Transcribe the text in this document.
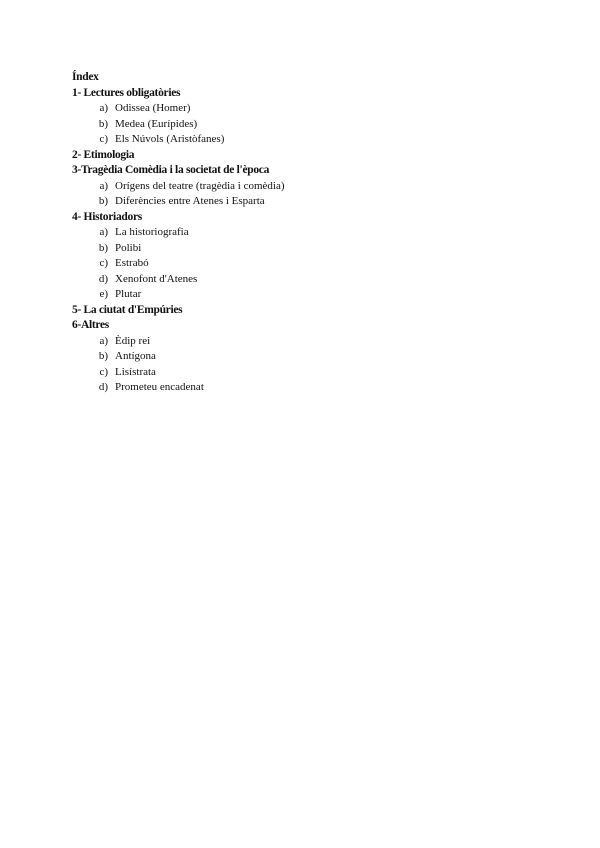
Índex
1- Lectures obligatòries
a) Odissea (Homer)
b) Medea (Eurípides)
c) Els Núvols (Aristòfanes)
2- Etimologia
3-Tragèdia Comèdia i la societat de l'època
a) Orígens del teatre (tragèdia i comèdia)
b) Diferències entre Atenes i Esparta
4- Historiadors
a) La historiografia
b) Polibi
c) Estrabó
d) Xenofont d'Atenes
e) Plutar
5- La ciutat d'Empúries
6-Altres
a) Èdip rei
b) Antígona
c) Lisístrata
d) Prometeu encadenat
